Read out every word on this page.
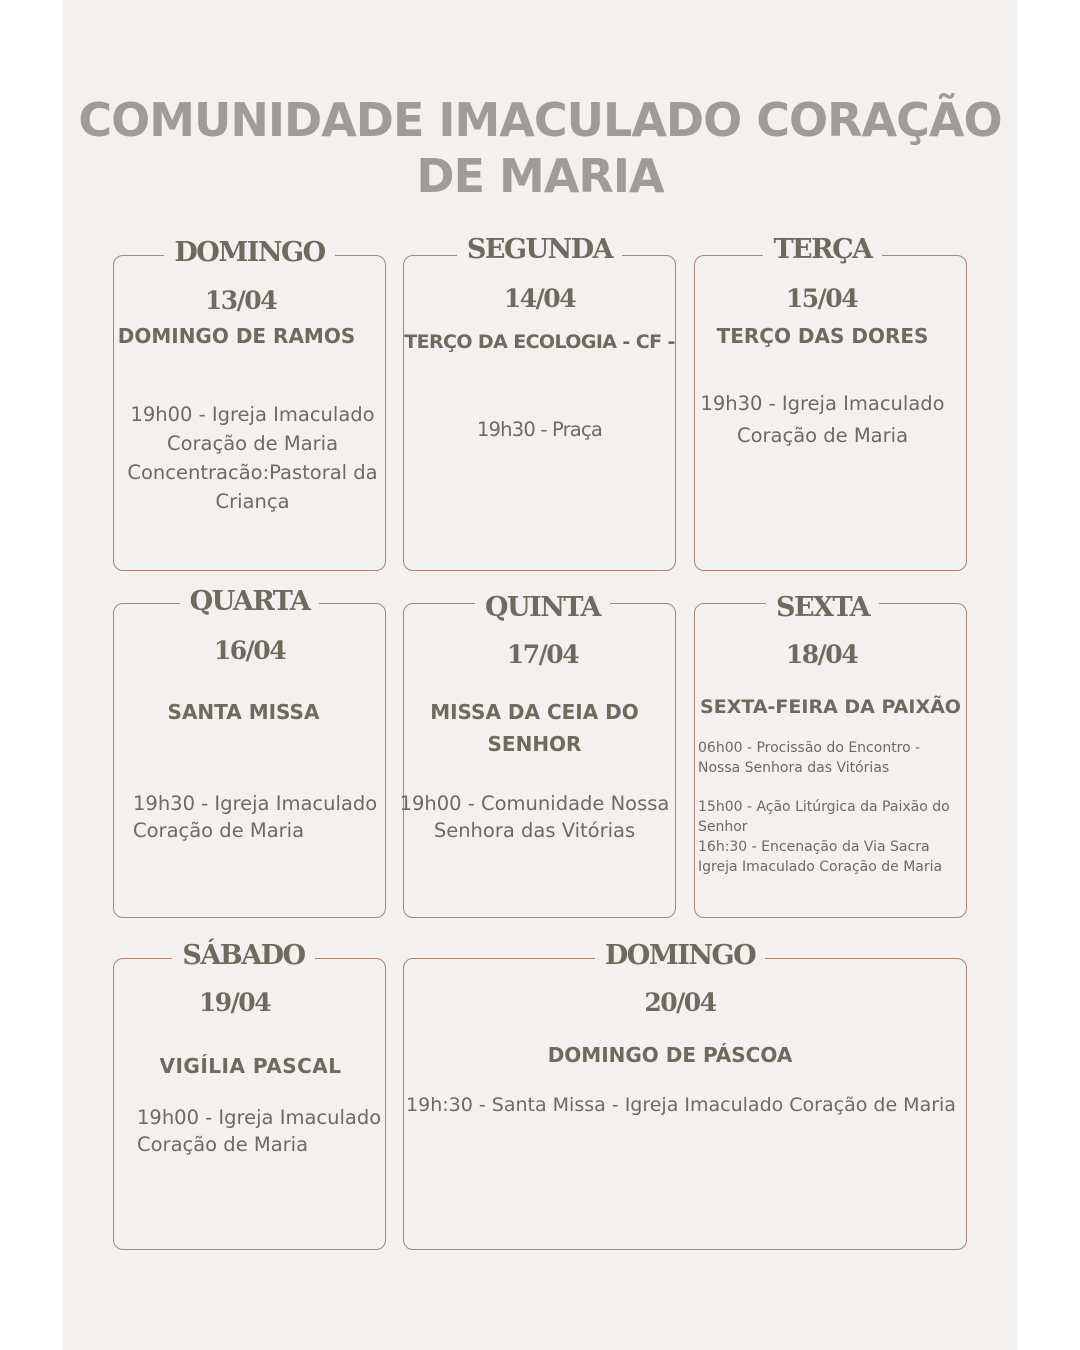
COMUNIDADE IMACULADO CORAÇÃO
DE MARIA
DOMINGO
13/04
DOMINGO DE RAMOS
19h00 - Igreja Imaculado
Coração de Maria
Concentracão:Pastoral da
Criança
SEGUNDA
14/04
TERÇO DA ECOLOGIA - CF -
19h30 - Praça
TERÇA
15/04
TERÇO DAS DORES
19h30 - Igreja Imaculado
Coração de Maria
QUARTA
16/04
SANTA MISSA
19h30 - Igreja Imaculado
Coração de Maria
QUINTA
17/04
MISSA DA CEIA DO
SENHOR
19h00 - Comunidade Nossa
Senhora das Vitórias
SEXTA
18/04
SEXTA-FEIRA DA PAIXÃO
06h00 - Procissão do Encontro -
Nossa Senhora das Vitórias
15h00 - Ação Litúrgica da Paixão do
Senhor
16h:30 - Encenação da Via Sacra
Igreja Imaculado Coração de Maria
SÁBADO
19/04
VIGÍLIA PASCAL
19h00 - Igreja Imaculado
Coração de Maria
DOMINGO
20/04
DOMINGO DE PÁSCOA
19h:30 - Santa Missa - Igreja Imaculado Coração de Maria
